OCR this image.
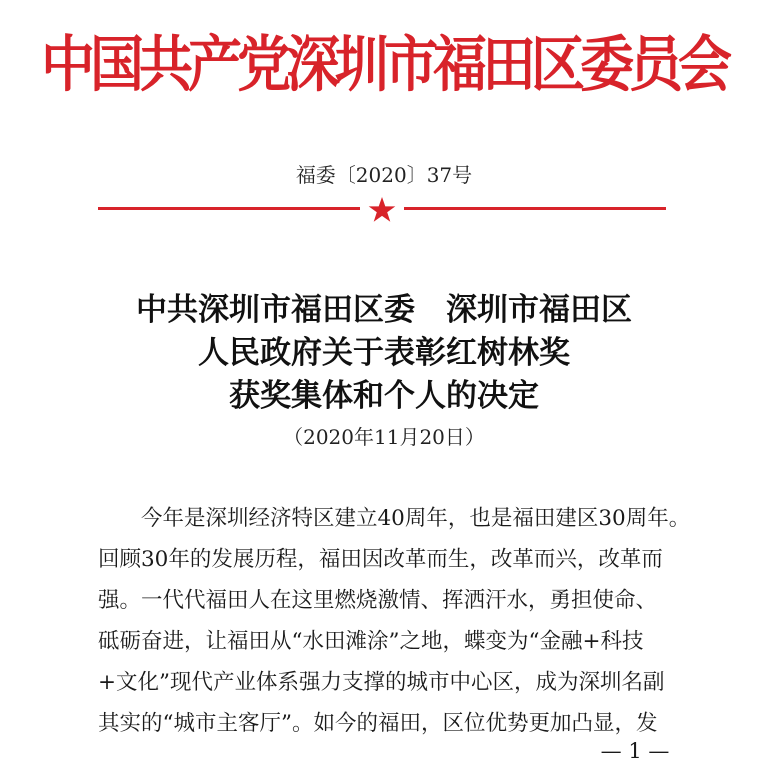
中国共产党深圳市福田区委员会
福委〔2020〕37号
中共深圳市福田区委　深圳市福田区
人民政府关于表彰红树林奖
获奖集体和个人的决定
（2020年11月20日）
今年是深圳经济特区建立40周年，也是福田建区30周年。
回顾30年的发展历程，福田因改革而生，改革而兴，改革而
强。一代代福田人在这里燃烧激情、挥洒汗水，勇担使命、
砥砺奋进，让福田从“水田滩涂”之地，蝶变为“金融+科技
+文化”现代产业体系强力支撑的城市中心区，成为深圳名副
其实的“城市主客厅”。如今的福田，区位优势更加凸显，发
— 1 —
